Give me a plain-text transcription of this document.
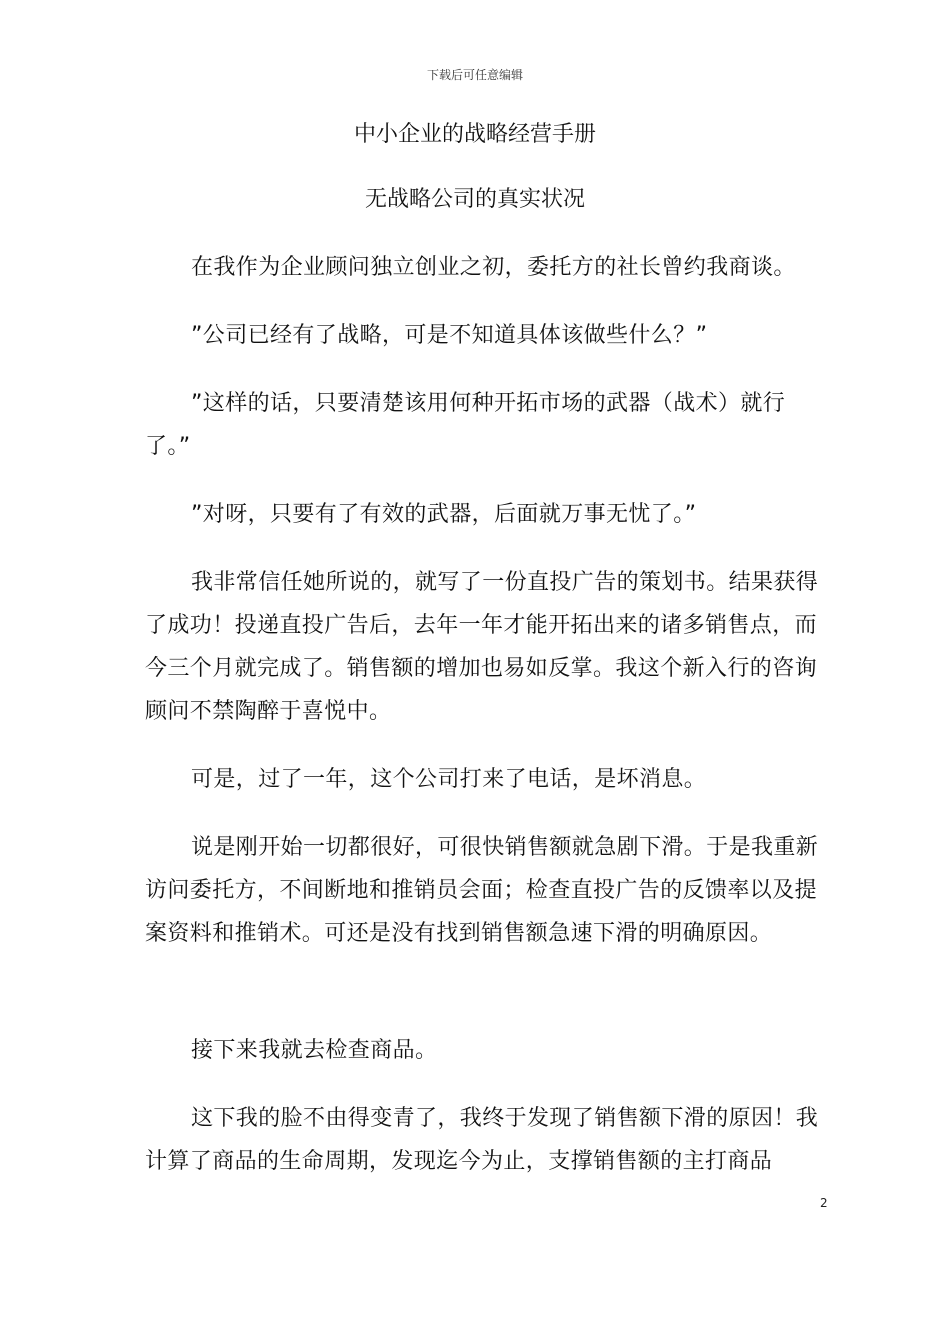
下载后可任意编辑
中小企业的战略经营手册
无战略公司的真实状况

在我作为企业顾问独立创业之初，委托方的社长曾约我商谈。

”公司已经有了战略，可是不知道具体该做些什么？”

”这样的话，只要清楚该用何种开拓市场的武器（战术）就行了。”

”对呀，只要有了有效的武器，后面就万事无忧了。”

我非常信任她所说的，就写了一份直投广告的策划书。结果获得了成功！投递直投广告后，去年一年才能开拓出来的诸多销售点，而今三个月就完成了。销售额的增加也易如反掌。我这个新入行的咨询顾问不禁陶醉于喜悦中。

可是，过了一年，这个公司打来了电话，是坏消息。

说是刚开始一切都很好，可很快销售额就急剧下滑。于是我重新访问委托方，不间断地和推销员会面；检查直投广告的反馈率以及提案资料和推销术。可还是没有找到销售额急速下滑的明确原因。

接下来我就去检查商品。

这下我的脸不由得变青了，我终于发现了销售额下滑的原因！我计算了商品的生命周期，发现迄今为止，支撑销售额的主打商品

2
